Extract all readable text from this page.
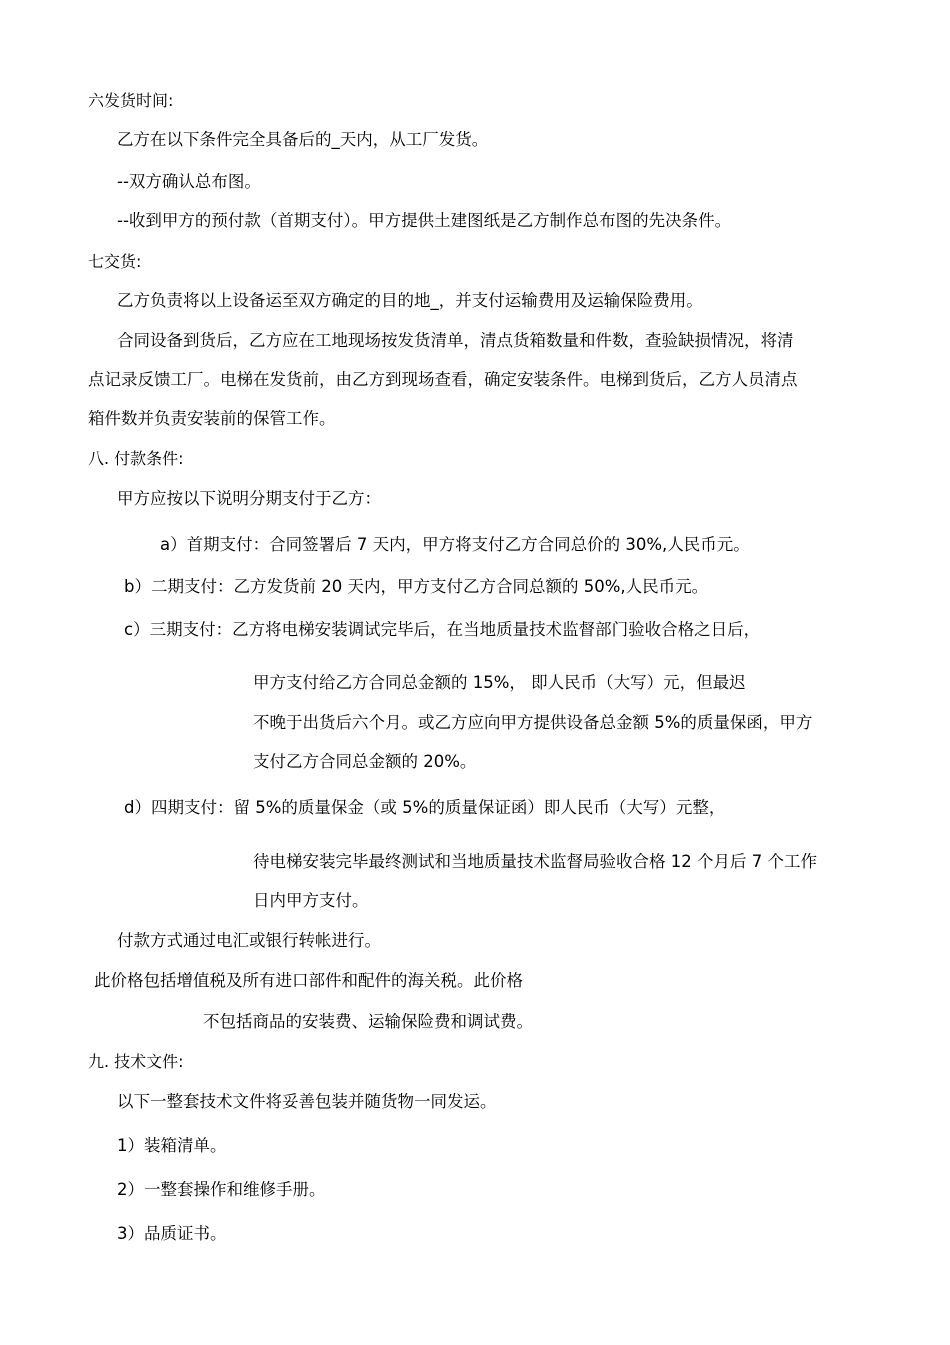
六发货时间:
乙方在以下条件完全具备后的_天内，从工厂发货。
--双方确认总布图。
--收到甲方的预付款（首期支付）。甲方提供土建图纸是乙方制作总布图的先决条件。
七交货:
乙方负责将以上设备运至双方确定的目的地_，并支付运输费用及运输保险费用。
合同设备到货后，乙方应在工地现场按发货清单，清点货箱数量和件数，查验缺损情况，将清
点记录反馈工厂。电梯在发货前，由乙方到现场查看，确定安装条件。电梯到货后，乙方人员清点
箱件数并负责安装前的保管工作。
八. 付款条件:
甲方应按以下说明分期支付于乙方：
a）首期支付：合同签署后 7 天内，甲方将支付乙方合同总价的 30%,人民币元。
b）二期支付：乙方发货前 20 天内，甲方支付乙方合同总额的 50%,人民币元。
c）三期支付：乙方将电梯安装调试完毕后，在当地质量技术监督部门验收合格之日后，
甲方支付给乙方合同总金额的 15%， 即人民币（大写）元，但最迟
不晚于出货后六个月。或乙方应向甲方提供设备总金额 5%的质量保函，甲方
支付乙方合同总金额的 20%。
d）四期支付：留 5%的质量保金（或 5%的质量保证函）即人民币（大写）元整，
待电梯安装完毕最终测试和当地质量技术监督局验收合格 12 个月后 7 个工作
日内甲方支付。
付款方式通过电汇或银行转帐进行。
此价格包括增值税及所有进口部件和配件的海关税。此价格
不包括商品的安装费、运输保险费和调试费。
九. 技术文件:
以下一整套技术文件将妥善包装并随货物一同发运。
1）装箱清单。
2）一整套操作和维修手册。
3）品质证书。
